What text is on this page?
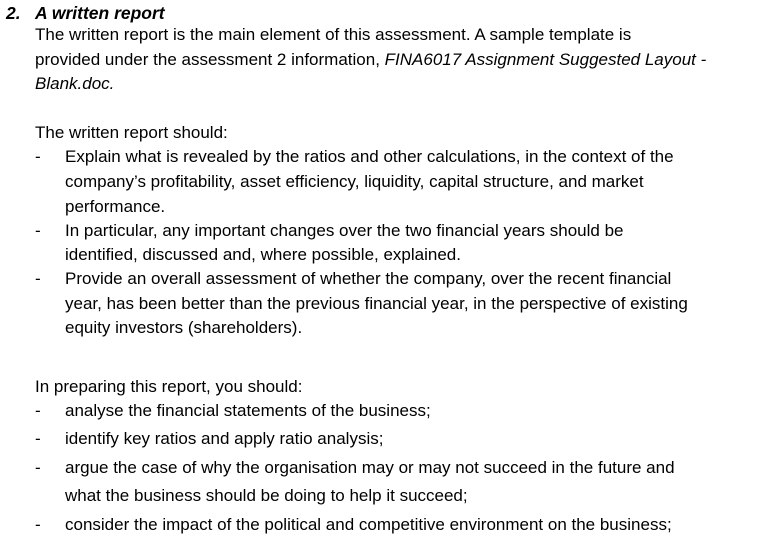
2. A written report
The written report is the main element of this assessment. A sample template is
provided under the assessment 2 information, FINA6017 Assignment Suggested Layout -
Blank.doc.
The written report should:
- Explain what is revealed by the ratios and other calculations, in the context of the
company’s profitability, asset efficiency, liquidity, capital structure, and market
performance.
- In particular, any important changes over the two financial years should be
identified, discussed and, where possible, explained.
- Provide an overall assessment of whether the company, over the recent financial
year, has been better than the previous financial year, in the perspective of existing
equity investors (shareholders).
In preparing this report, you should:
- analyse the financial statements of the business;
- identify key ratios and apply ratio analysis;
- argue the case of why the organisation may or may not succeed in the future and
what the business should be doing to help it succeed;
- consider the impact of the political and competitive environment on the business;
